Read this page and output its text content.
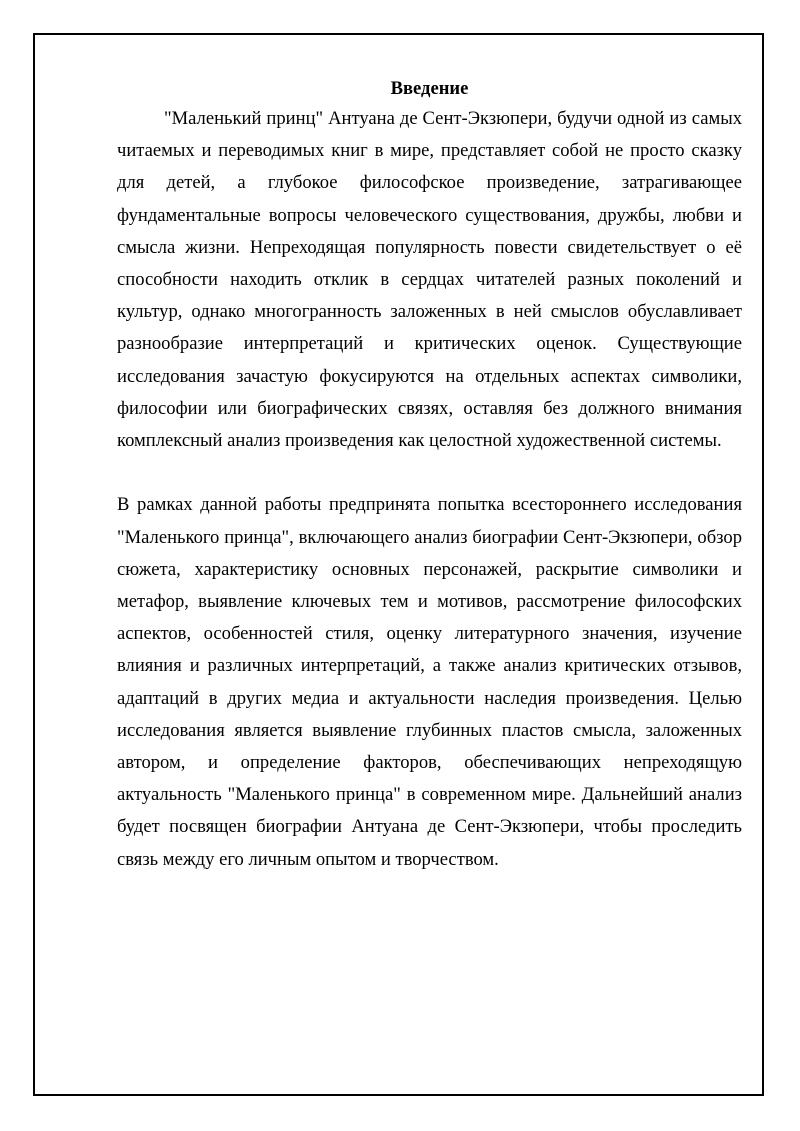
Введение

"Маленький принц" Антуана де Сент-Экзюпери, будучи одной из самых читаемых и переводимых книг в мире, представляет собой не просто сказку для детей, а глубокое философское произведение, затрагивающее фундаментальные вопросы человеческого существования, дружбы, любви и смысла жизни. Непреходящая популярность повести свидетельствует о её способности находить отклик в сердцах читателей разных поколений и культур, однако многогранность заложенных в ней смыслов обуславливает разнообразие интерпретаций и критических оценок. Существующие исследования зачастую фокусируются на отдельных аспектах символики, философии или биографических связях, оставляя без должного внимания комплексный анализ произведения как целостной художественной системы.

В рамках данной работы предпринята попытка всестороннего исследования "Маленького принца", включающего анализ биографии Сент-Экзюпери, обзор сюжета, характеристику основных персонажей, раскрытие символики и метафор, выявление ключевых тем и мотивов, рассмотрение философских аспектов, особенностей стиля, оценку литературного значения, изучение влияния и различных интерпретаций, а также анализ критических отзывов, адаптаций в других медиа и актуальности наследия произведения. Целью исследования является выявление глубинных пластов смысла, заложенных автором, и определение факторов, обеспечивающих непреходящую актуальность "Маленького принца" в современном мире. Дальнейший анализ будет посвящен биографии Антуана де Сент-Экзюпери, чтобы проследить связь между его личным опытом и творчеством.
